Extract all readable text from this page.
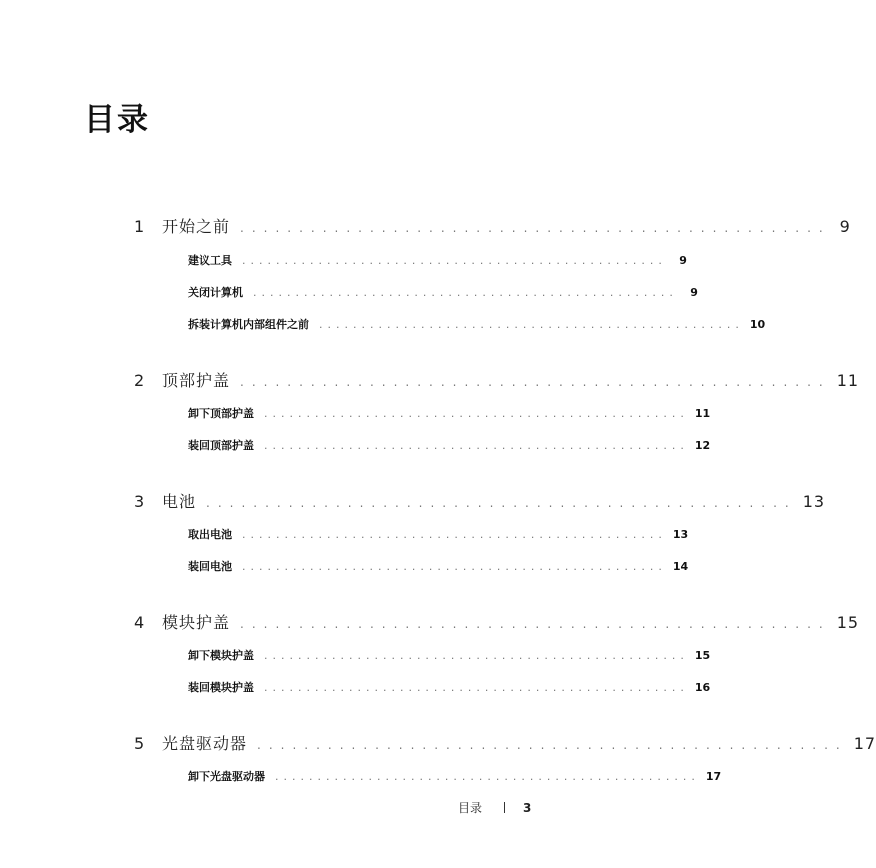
目录
1	开始之前 .................................................. 9
建议工具 ..................................................	9
关闭计算机 ..................................................	9
拆装计算机内部组件之前 .................................................. 10
2	顶部护盖 .................................................. 11
卸下顶部护盖 .................................................. 11
装回顶部护盖 .................................................. 12
3	电池 .................................................. 13
取出电池 .................................................. 13
装回电池 .................................................. 14
4	模块护盖 .................................................. 15
卸下模块护盖 .................................................. 15
装回模块护盖 .................................................. 16
5	光盘驱动器 .................................................. 17
卸下光盘驱动器 .................................................. 17
目录	3
